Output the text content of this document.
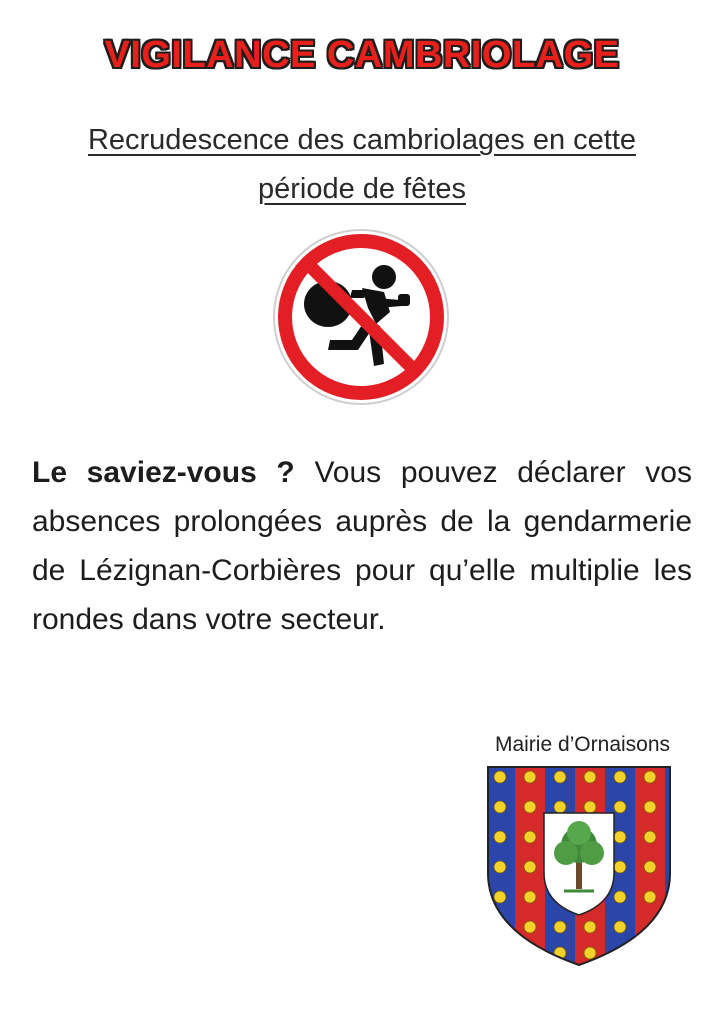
VIGILANCE CAMBRIOLAGE
Recrudescence des cambriolages en cette
période de fêtes
Le saviez-vous ? Vous pouvez déclarer vos absences prolongées auprès de la gendarmerie de Lézignan-Corbières pour qu’elle multiplie les rondes dans votre secteur.
Mairie d’Ornaisons
